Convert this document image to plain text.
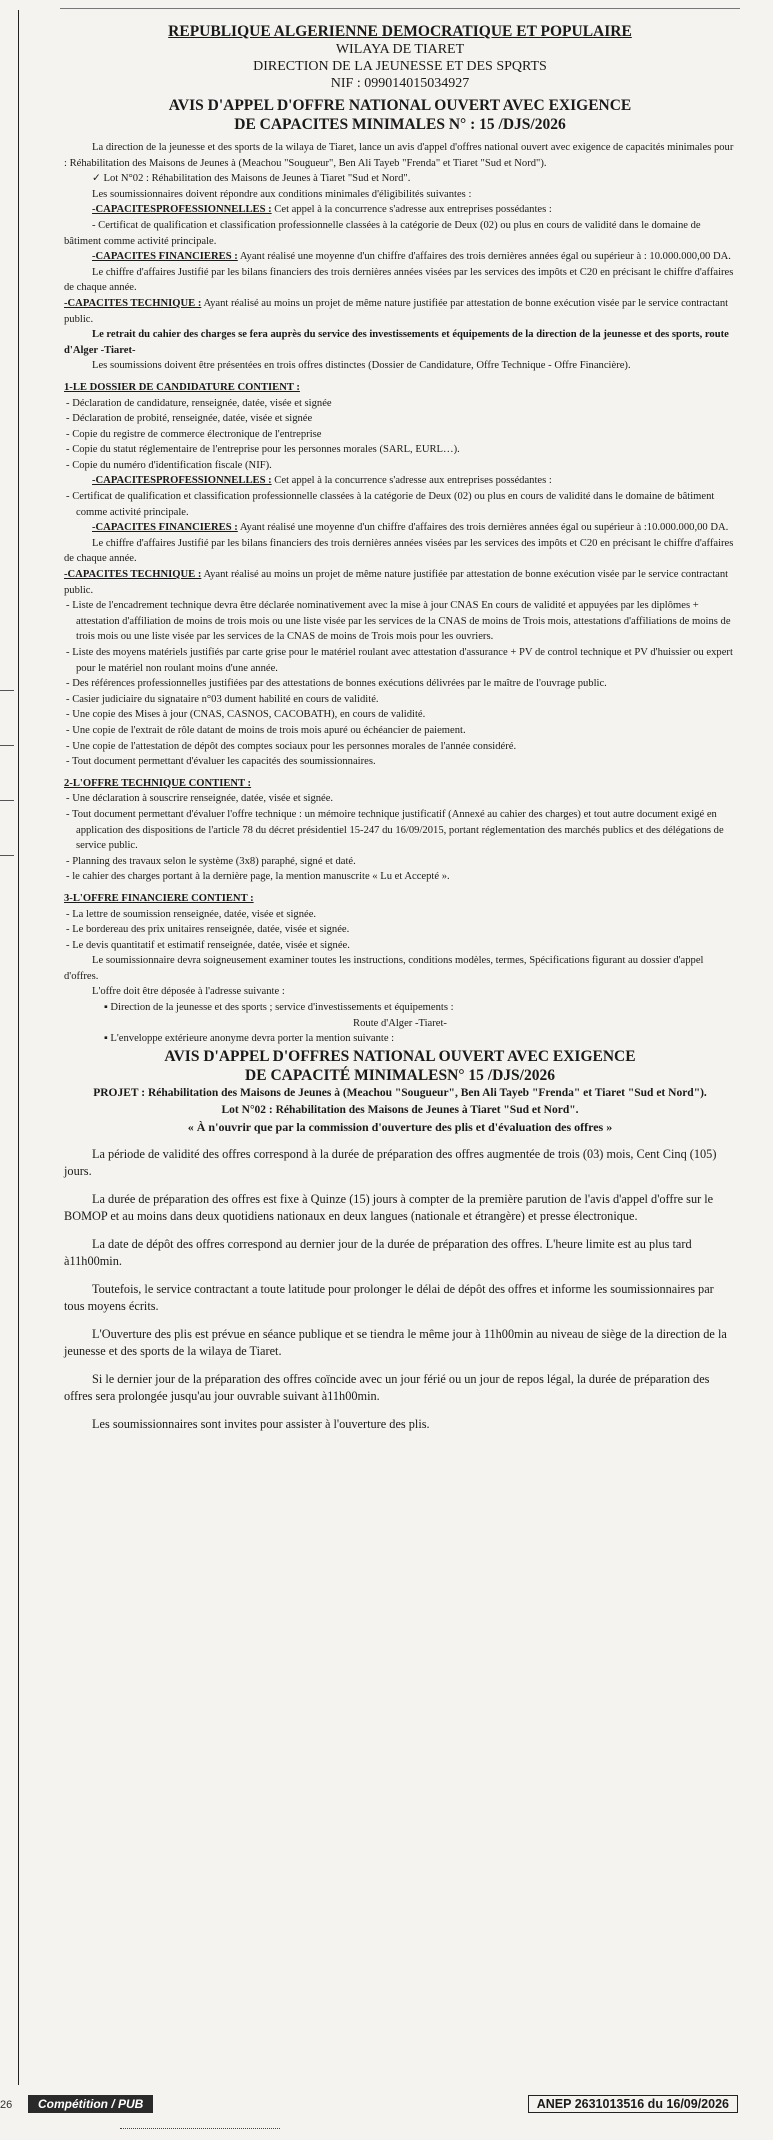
26

REPUBLIQUE ALGERIENNE DEMOCRATIQUE ET POPULAIRE

WILAYA DE TIARET

DIRECTION DE LA JEUNESSE ET DES SPQRTS

NIF : 099014015034927

AVIS D'APPEL D'OFFRE NATIONAL OUVERT AVEC EXIGENCE

DE CAPACITES MINIMALES N° : 15 /DJS/2026

La direction de la jeunesse et des sports de la wilaya de Tiaret, lance un avis d'appel d'offres national ouvert avec exigence de capacités minimales pour : Réhabilitation des Maisons de Jeunes à (Meachou "Sougueur", Ben Ali Tayeb "Frenda" et Tiaret "Sud et Nord").

✓ Lot N°02 : Réhabilitation des Maisons de Jeunes à Tiaret "Sud et Nord".

Les soumissionnaires doivent répondre aux conditions minimales d'éligibilités suivantes :

-CAPACITESPROFESSIONNELLES : Cet appel à la concurrence s'adresse aux entreprises possédantes :

- Certificat de qualification et classification professionnelle classées à la catégorie de Deux (02) ou plus en cours de validité dans le domaine de bâtiment comme activité principale.

-CAPACITES FINANCIERES : Ayant réalisé une moyenne d'un chiffre d'affaires des trois dernières années égal ou supérieur à : 10.000.000,00 DA.

Le chiffre d'affaires Justifié par les bilans financiers des trois dernières années visées par les services des impôts et C20 en précisant le chiffre d'affaires de chaque année.

-CAPACITES TECHNIQUE : Ayant réalisé au moins un projet de même nature justifiée par attestation de bonne exécution visée par le service contractant public.

Le retrait du cahier des charges se fera auprès du service des investissements et équipements de la direction de la jeunesse et des sports, route d'Alger -Tiaret-

Les soumissions doivent être présentées en trois offres distinctes (Dossier de Candidature, Offre Technique - Offre Financière).

1-LE DOSSIER DE CANDIDATURE CONTIENT :

- Déclaration de candidature, renseignée, datée, visée et signée

- Déclaration de probité, renseignée, datée, visée et signée

- Copie du registre de commerce électronique de l'entreprise

- Copie du statut réglementaire de l'entreprise pour les personnes morales (SARL, EURL…).

- Copie du numéro d'identification fiscale (NIF).

-CAPACITESPROFESSIONNELLES : Cet appel à la concurrence s'adresse aux entreprises possédantes :

- Certificat de qualification et classification professionnelle classées à la catégorie de Deux (02) ou plus en cours de validité dans le domaine de bâtiment comme activité principale.

-CAPACITES FINANCIERES : Ayant réalisé une moyenne d'un chiffre d'affaires des trois dernières années égal ou supérieur à :10.000.000,00 DA.

Le chiffre d'affaires Justifié par les bilans financiers des trois dernières années visées par les services des impôts et C20 en précisant le chiffre d'affaires de chaque année.

-CAPACITES TECHNIQUE : Ayant réalisé au moins un projet de même nature justifiée par attestation de bonne exécution visée par le service contractant public.

- Liste de l'encadrement technique devra être déclarée nominativement avec la mise à jour CNAS En cours de validité et appuyées par les diplômes + attestation d'affiliation de moins de trois mois ou une liste visée par les services de la CNAS de moins de Trois mois, attestations d'affiliations de moins de trois mois ou une liste visée par les services de la CNAS de moins de Trois mois pour les ouvriers.

- Liste des moyens matériels justifiés par carte grise pour le matériel roulant avec attestation d'assurance + PV de control technique et PV d'huissier ou expert pour le matériel non roulant moins d'une année.

- Des références professionnelles justifiées par des attestations de bonnes exécutions délivrées par le maître de l'ouvrage public.

- Casier judiciaire du signataire n°03 dument habilité en cours de validité.

- Une copie des Mises à jour (CNAS, CASNOS, CACOBATH), en cours de validité.

- Une copie de l'extrait de rôle datant de moins de trois mois apuré ou échéancier de paiement.

- Une copie de l'attestation de dépôt des comptes sociaux pour les personnes morales de l'année considéré.

- Tout document permettant d'évaluer les capacités des soumissionnaires.

2-L'OFFRE TECHNIQUE CONTIENT :

- Une déclaration à souscrire renseignée, datée, visée et signée.

- Tout document permettant d'évaluer l'offre technique : un mémoire technique justificatif (Annexé au cahier des charges) et tout autre document exigé en application des dispositions de l'article 78 du décret présidentiel 15-247 du 16/09/2015, portant réglementation des marchés publics et des délégations de service public.

- Planning des travaux selon le système (3x8) paraphé, signé et daté.

- le cahier des charges portant à la dernière page, la mention manuscrite « Lu et Accepté ».

3-L'OFFRE FINANCIERE CONTIENT :

- La lettre de soumission renseignée, datée, visée et signée.

- Le bordereau des prix unitaires renseignée, datée, visée et signée.

- Le devis quantitatif et estimatif renseignée, datée, visée et signée.

Le soumissionnaire devra soigneusement examiner toutes les instructions, conditions modèles, termes, Spécifications figurant au dossier d'appel d'offres.

L'offre doit être déposée à l'adresse suivante :

▪ Direction de la jeunesse et des sports ; service d'investissements et équipements :

Route d'Alger -Tiaret-

▪ L'enveloppe extérieure anonyme devra porter la mention suivante :

AVIS D'APPEL D'OFFRES NATIONAL OUVERT AVEC EXIGENCE

DE CAPACITÉ MINIMALESN° 15 /DJS/2026

PROJET : Réhabilitation des Maisons de Jeunes à (Meachou "Sougueur", Ben Ali Tayeb "Frenda" et Tiaret "Sud et Nord").

Lot N°02 : Réhabilitation des Maisons de Jeunes à Tiaret "Sud et Nord".

« À n'ouvrir que par la commission d'ouverture des plis et d'évaluation des offres »

La période de validité des offres correspond à la durée de préparation des offres augmentée de trois (03) mois, Cent Cinq (105) jours.

La durée de préparation des offres est fixe à Quinze (15) jours à compter de la première parution de l'avis d'appel d'offre sur le BOMOP et au moins dans deux quotidiens nationaux en deux langues (nationale et étrangère) et presse électronique.

La date de dépôt des offres correspond au dernier jour de la durée de préparation des offres. L'heure limite est au plus tard à11h00min.

Toutefois, le service contractant a toute latitude pour prolonger le délai de dépôt des offres et informe les soumissionnaires par tous moyens écrits.

L'Ouverture des plis est prévue en séance publique et se tiendra le même jour à 11h00min au niveau de siège de la direction de la jeunesse et des sports de la wilaya de Tiaret.

Si le dernier jour de la préparation des offres coïncide avec un jour férié ou un jour de repos légal, la durée de préparation des offres sera prolongée jusqu'au jour ouvrable suivant à11h00min.

Les soumissionnaires sont invites pour assister à l'ouverture des plis.

Compétition / PUB	ANEP 2631013516 du 16/09/2026
